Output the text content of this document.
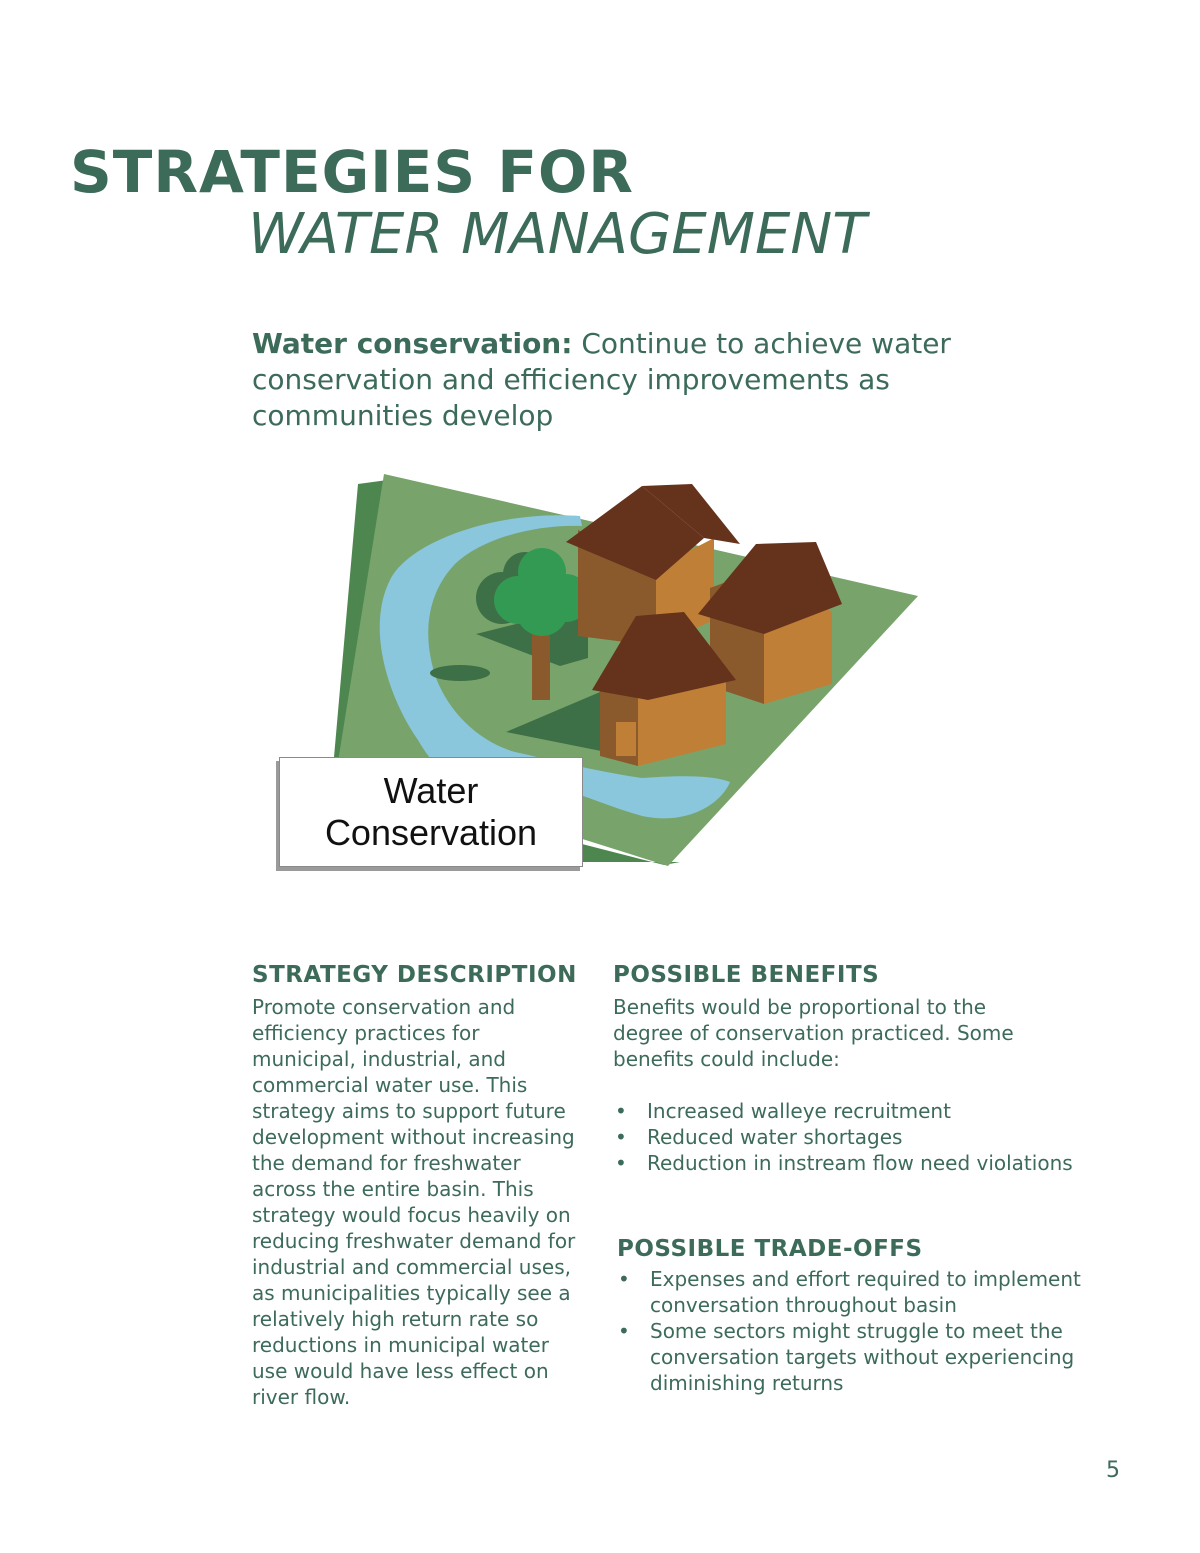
STRATEGIES FOR
WATER MANAGEMENT

Water conservation: Continue to achieve water conservation and efficiency improvements as communities develop

Water Conservation
STRATEGY DESCRIPTION

Promote conservation and efficiency practices for municipal, industrial, and commercial water use. This strategy aims to support future development without increasing the demand for freshwater across the entire basin. This strategy would focus heavily on reducing freshwater demand for industrial and commercial uses, as municipalities typically see a relatively high return rate so reductions in municipal water use would have less effect on river flow.

POSSIBLE BENEFITS

Benefits would be proportional to the degree of conservation practiced. Some benefits could include:

• Increased walleye recruitment
• Reduced water shortages
• Reduction in instream flow need violations
POSSIBLE TRADE-OFFS
• Expenses and effort required to implement conversation throughout basin
• Some sectors might struggle to meet the conversation targets without experiencing diminishing returns
5
